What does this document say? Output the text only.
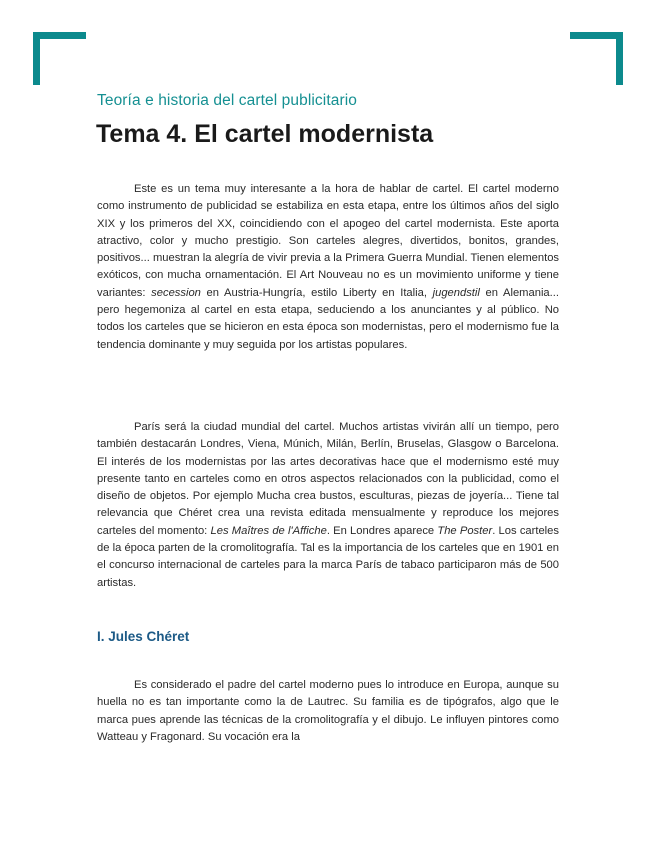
Teoría e historia del cartel publicitario
Tema 4. El cartel modernista

Este es un tema muy interesante a la hora de hablar de cartel. El cartel moderno como instrumento de publicidad se estabiliza en esta etapa, entre los últimos años del siglo XIX y los primeros del XX, coincidiendo con el apogeo del cartel modernista. Este aporta atractivo, color y mucho prestigio. Son carteles alegres, divertidos, bonitos, grandes, positivos... muestran la alegría de vivir previa a la Primera Guerra Mundial. Tienen elementos exóticos, con mucha ornamentación. El Art Nouveau no es un movimiento uniforme y tiene variantes: secession en Austria-Hungría, estilo Liberty en Italia, jugendstil en Alemania... pero hegemoniza al cartel en esta etapa, seduciendo a los anunciantes y al público. No todos los carteles que se hicieron en esta época son modernistas, pero el modernismo fue la tendencia dominante y muy seguida por los artistas populares.

París será la ciudad mundial del cartel. Muchos artistas vivirán allí un tiempo, pero también destacarán Londres, Viena, Múnich, Milán, Berlín, Bruselas, Glasgow o Barcelona. El interés de los modernistas por las artes decorativas hace que el modernismo esté muy presente tanto en carteles como en otros aspectos relacionados con la publicidad, como el diseño de objetos. Por ejemplo Mucha crea bustos, esculturas, piezas de joyería... Tiene tal relevancia que Chéret crea una revista editada mensualmente y reproduce los mejores carteles del momento: Les Maîtres de l'Affiche. En Londres aparece The Poster. Los carteles de la época parten de la cromolitografía. Tal es la importancia de los carteles que en 1901 en el concurso internacional de carteles para la marca París de tabaco participaron más de 500 artistas.

I. Jules Chéret

Es considerado el padre del cartel moderno pues lo introduce en Europa, aunque su huella no es tan importante como la de Lautrec. Su familia es de tipógrafos, algo que le marca pues aprende las técnicas de la cromolitografía y el dibujo. Le influyen pintores como Watteau y Fragonard. Su vocación era la
